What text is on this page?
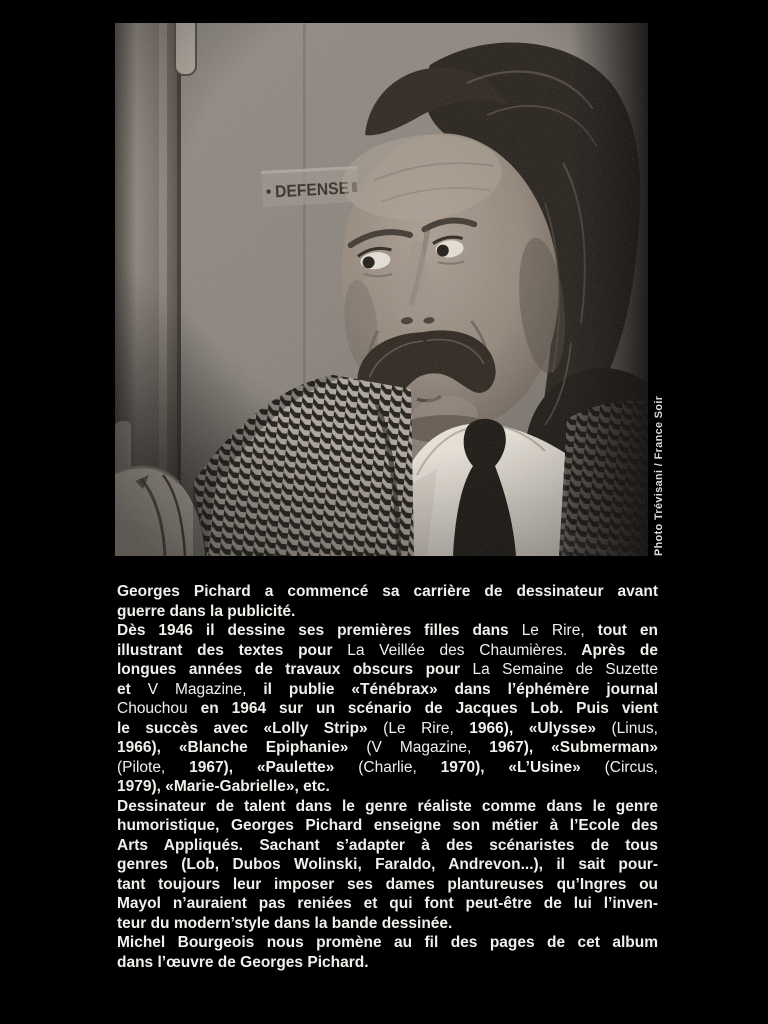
Photo Trévisani / France Soir
Georges Pichard a commencé sa carrière de dessinateur avant
guerre dans la publicité.
Dès 1946 il dessine ses premières filles dans Le Rire, tout en
illustrant des textes pour La Veillée des Chaumières. Après de
longues années de travaux obscurs pour La Semaine de Suzette
et V Magazine, il publie «Ténébrax» dans l’éphémère journal
Chouchou en 1964 sur un scénario de Jacques Lob. Puis vient
le succès avec «Lolly Strip» (Le Rire, 1966), «Ulysse» (Linus,
1966), «Blanche Epiphanie» (V Magazine, 1967), «Submerman»
(Pilote, 1967), «Paulette» (Charlie, 1970), «L’Usine» (Circus,
1979), «Marie-Gabrielle», etc.
Dessinateur de talent dans le genre réaliste comme dans le genre
humoristique, Georges Pichard enseigne son métier à l’Ecole des
Arts Appliqués. Sachant s’adapter à des scénaristes de tous
genres (Lob, Dubos Wolinski, Faraldo, Andrevon...), il sait pour-
tant toujours leur imposer ses dames plantureuses qu’Ingres ou
Mayol n’auraient pas reniées et qui font peut-être de lui l’inven-
teur du modern’style dans la bande dessinée.
Michel Bourgeois nous promène au fil des pages de cet album
dans l’œuvre de Georges Pichard.
